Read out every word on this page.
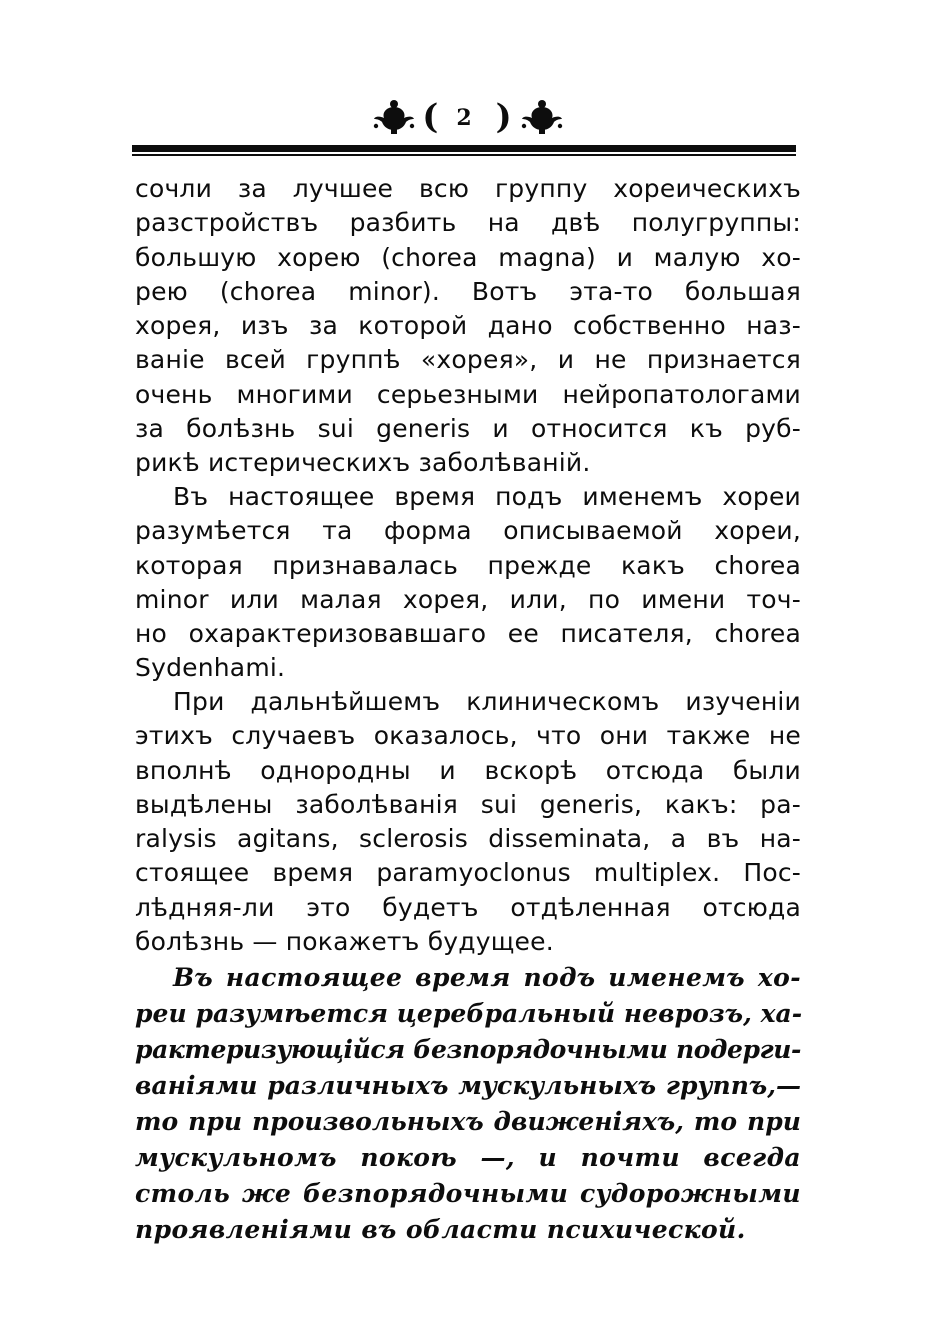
( 2 )
сочли за лучшее всю группу хореическихъ
разстройствъ разбить на двѣ полугруппы:
большую хорею (chorea magna) и малую хо-
рею (chorea minor). Вотъ эта-то большая
хорея, изъ за которой дано собственно наз-
ваніе всей группѣ «хорея», и не признается
очень многими серьезными нейропатологами
за болѣзнь sui generis и относится къ руб-
рикѣ истерическихъ заболѣваній.
Въ настоящее время подъ именемъ хореи
разумѣется та форма описываемой хореи,
которая признавалась прежде какъ chorea
minor или малая хорея, или, по имени точ-
но охарактеризовавшаго ее писателя, chorea
Sydenhami.
При дальнѣйшемъ клиническомъ изученіи
этихъ случаевъ оказалось, что они также не
вполнѣ однородны и вскорѣ отсюда были
выдѣлены заболѣванія sui generis, какъ: pa-
ralysis agitans, sclerosis disseminata, а въ на-
стоящее время paramyoclonus multiplex. Пос-
лѣдняя-ли это будетъ отдѣленная отсюда
болѣзнь — покажетъ будущее.
Въ настоящее время подъ именемъ хо-
реи разумѣется церебральный неврозъ, ха-
рактеризующійся безпорядочными подерги-
ваніями различныхъ мускульныхъ группъ,—
то при произвольныхъ движеніяхъ, то при
мускульномъ покоѣ —, и почти всегда
столь же безпорядочными судорожными
проявленіями въ области психической.
